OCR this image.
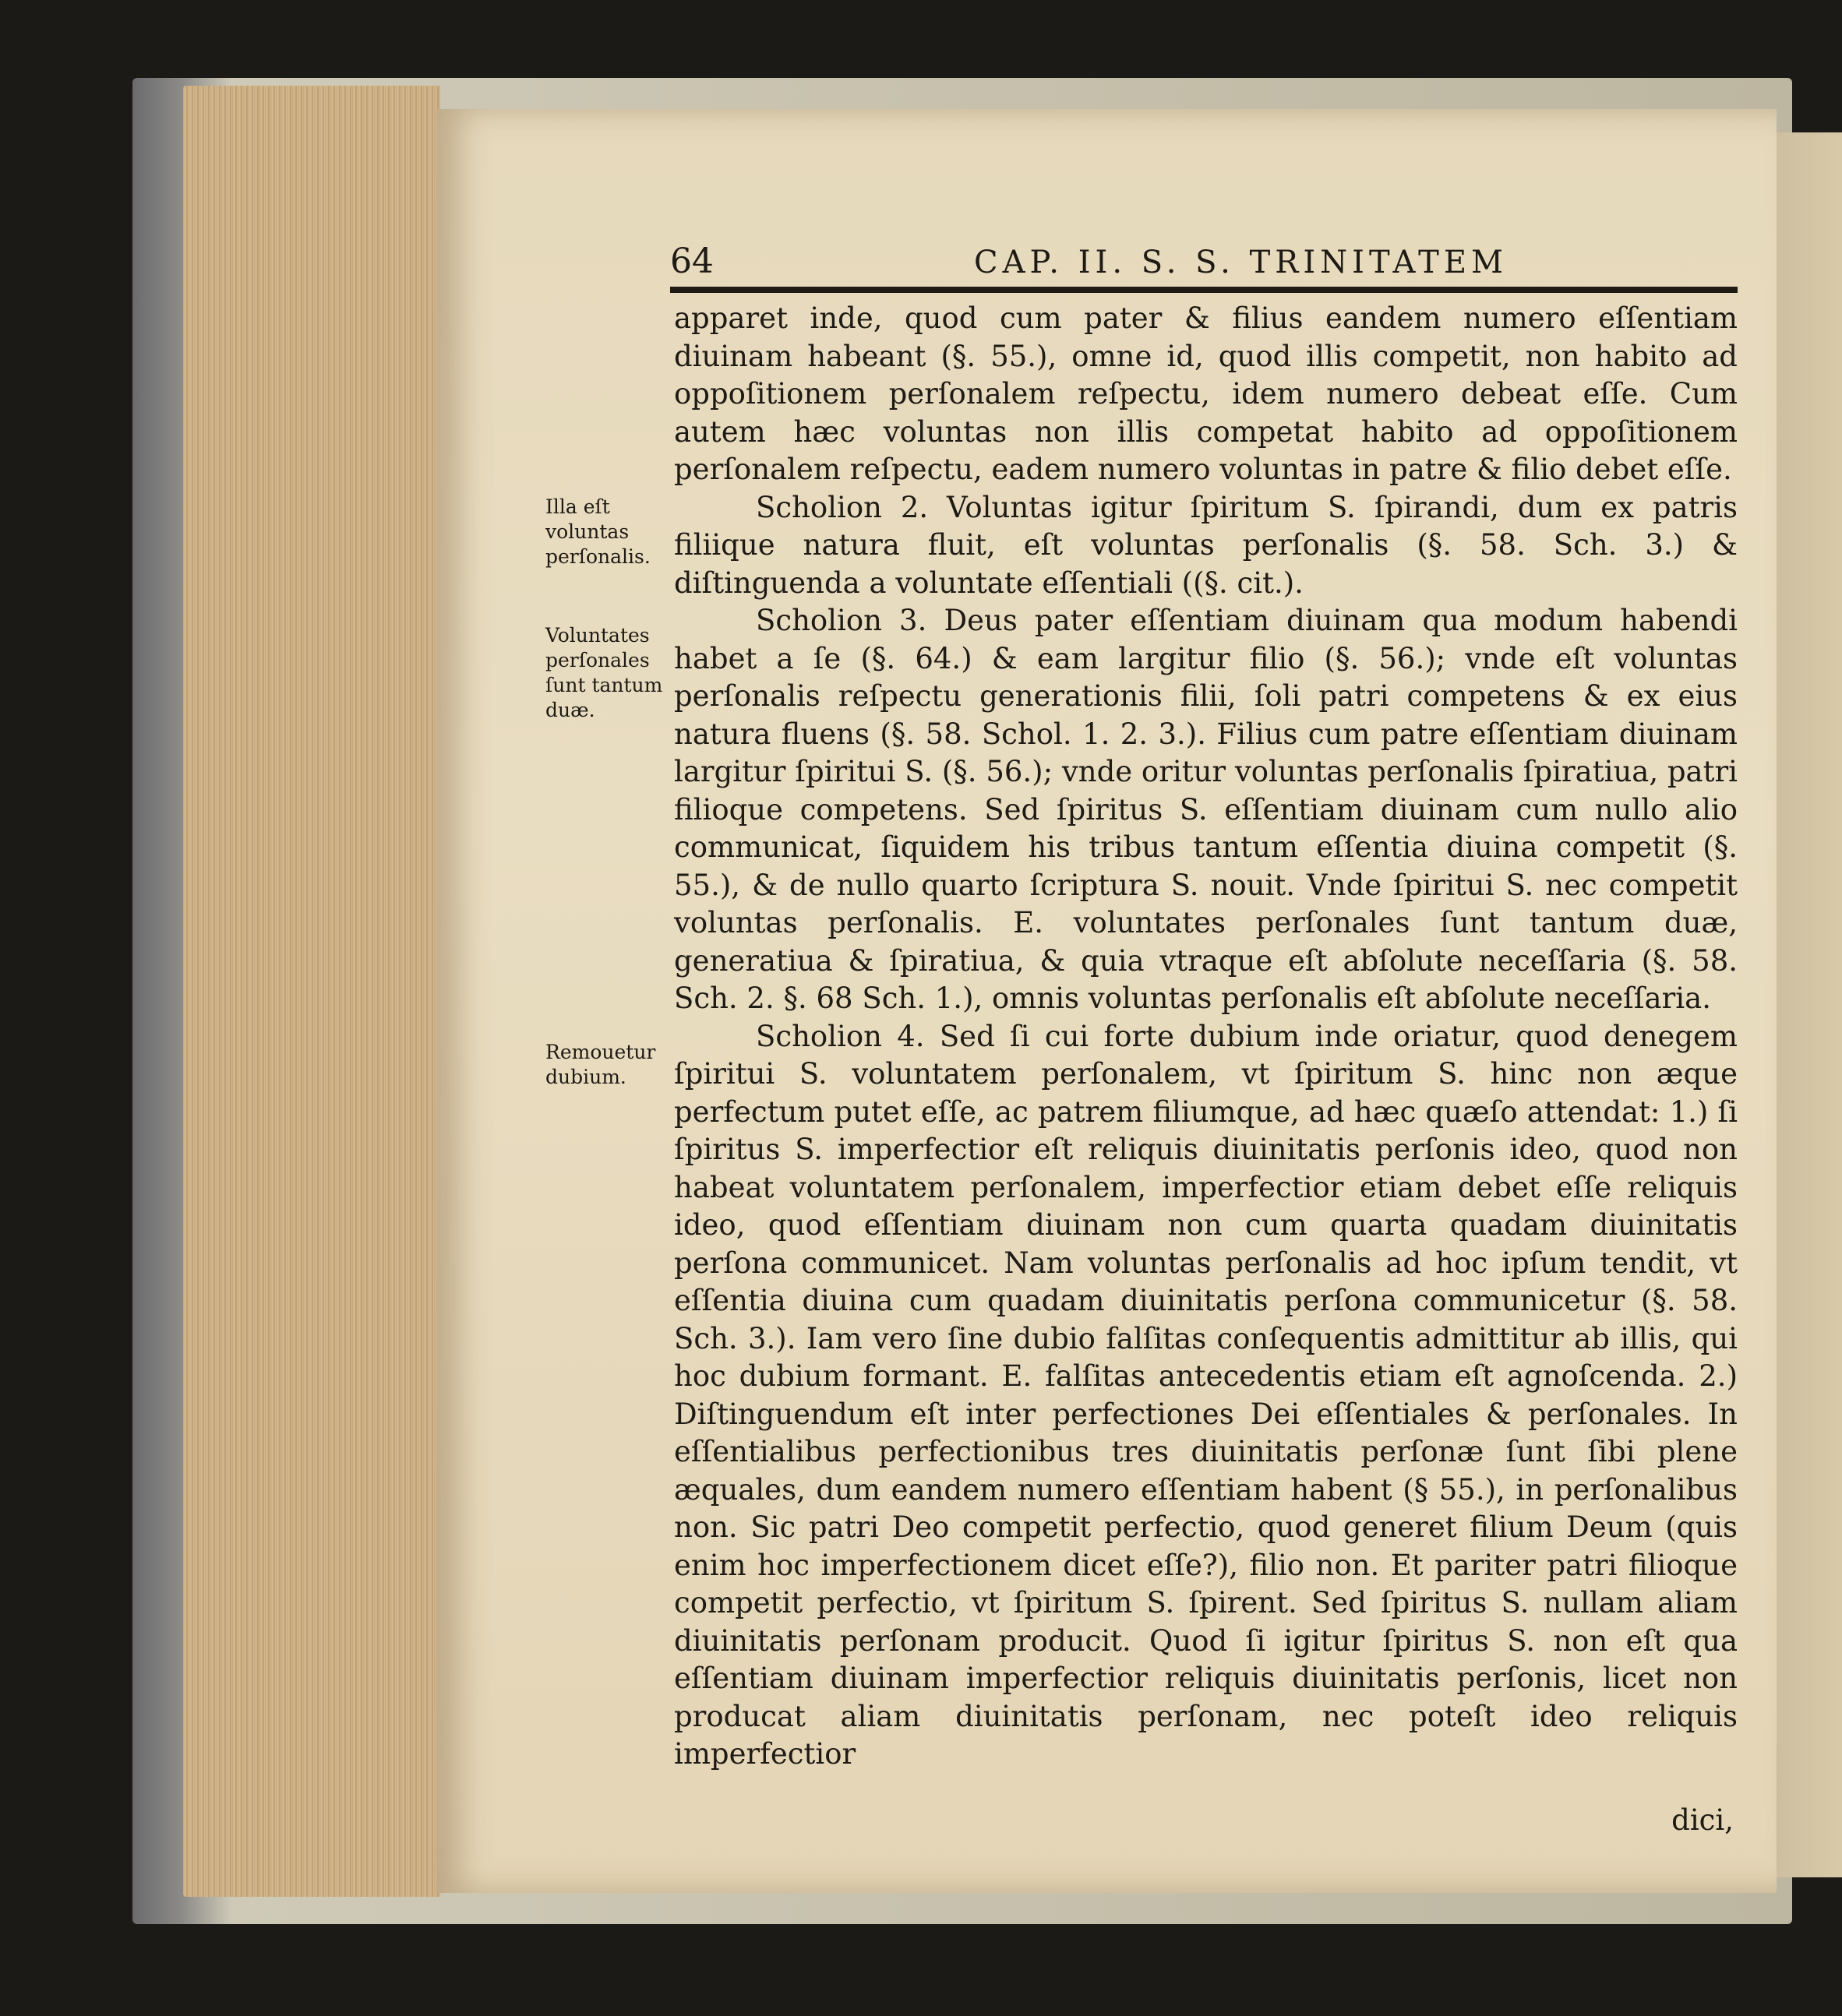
64	CAP. II. S. S. TRINITATEM
Illa eſt voluntas perſonalis.
Voluntates perſonales ſunt tantum duæ.
Remouetur dubium.

apparet inde, quod cum pater & filius eandem numero eſſentiam diuinam habeant (§. 55.), omne id, quod illis competit, non habito ad oppoſitionem perſonalem reſpectu, idem numero debeat eſſe. Cum autem hæc voluntas non illis competat habito ad oppoſitionem perſonalem reſpectu, eadem numero voluntas in patre & filio debet eſſe.

Scholion 2. Voluntas igitur ſpiritum S. ſpirandi, dum ex patris filiique natura fluit, eſt voluntas perſonalis (§. 58. Sch. 3.) & diſtinguenda a voluntate eſſentiali ((§. cit.).

Scholion 3. Deus pater eſſentiam diuinam qua modum habendi habet a ſe (§. 64.) & eam largitur filio (§. 56.); vnde eſt voluntas perſonalis reſpectu generationis filii, ſoli patri competens & ex eius natura fluens (§. 58. Schol. 1. 2. 3.). Filius cum patre eſſentiam diuinam largitur ſpiritui S. (§. 56.); vnde oritur voluntas perſonalis ſpiratiua, patri filioque competens. Sed ſpiritus S. eſſentiam diuinam cum nullo alio communicat, ſiquidem his tribus tantum eſſentia diuina competit (§. 55.), & de nullo quarto ſcriptura S. nouit. Vnde ſpiritui S. nec competit voluntas perſonalis. E. voluntates perſonales ſunt tantum duæ, generatiua & ſpiratiua, & quia vtraque eſt abſolute neceſſaria (§. 58. Sch. 2. §. 68 Sch. 1.), omnis voluntas perſonalis eſt abſolute neceſſaria.

Scholion 4. Sed ſi cui forte dubium inde oriatur, quod denegem ſpiritui S. voluntatem perſonalem, vt ſpiritum S. hinc non æque perfectum putet eſſe, ac patrem filiumque, ad hæc quæſo attendat: 1.) ſi ſpiritus S. imperfectior eſt reliquis diuinitatis perſonis ideo, quod non habeat voluntatem perſonalem, imperfectior etiam debet eſſe reliquis ideo, quod eſſentiam diuinam non cum quarta quadam diuinitatis perſona communicet. Nam voluntas perſonalis ad hoc ipſum tendit, vt eſſentia diuina cum quadam diuinitatis perſona communicetur (§. 58. Sch. 3.). Iam vero ſine dubio falſitas conſequentis admittitur ab illis, qui hoc dubium formant. E. falſitas antecedentis etiam eſt agnoſcenda. 2.) Diſtinguendum eſt inter perfectiones Dei eſſentiales & perſonales. In eſſentialibus perfectionibus tres diuinitatis perſonæ ſunt ſibi plene æquales, dum eandem numero eſſentiam habent (§ 55.), in perſonalibus non. Sic patri Deo competit perfectio, quod generet filium Deum (quis enim hoc imperfectionem dicet eſſe?), filio non. Et pariter patri filioque competit perfectio, vt ſpiritum S. ſpirent. Sed ſpiritus S. nullam aliam diuinitatis perſonam producit. Quod ſi igitur ſpiritus S. non eſt qua eſſentiam diuinam imperfectior reliquis diuinitatis perſonis, licet non producat aliam diuinitatis perſonam, nec poteſt ideo reliquis imperfectior

dici,
